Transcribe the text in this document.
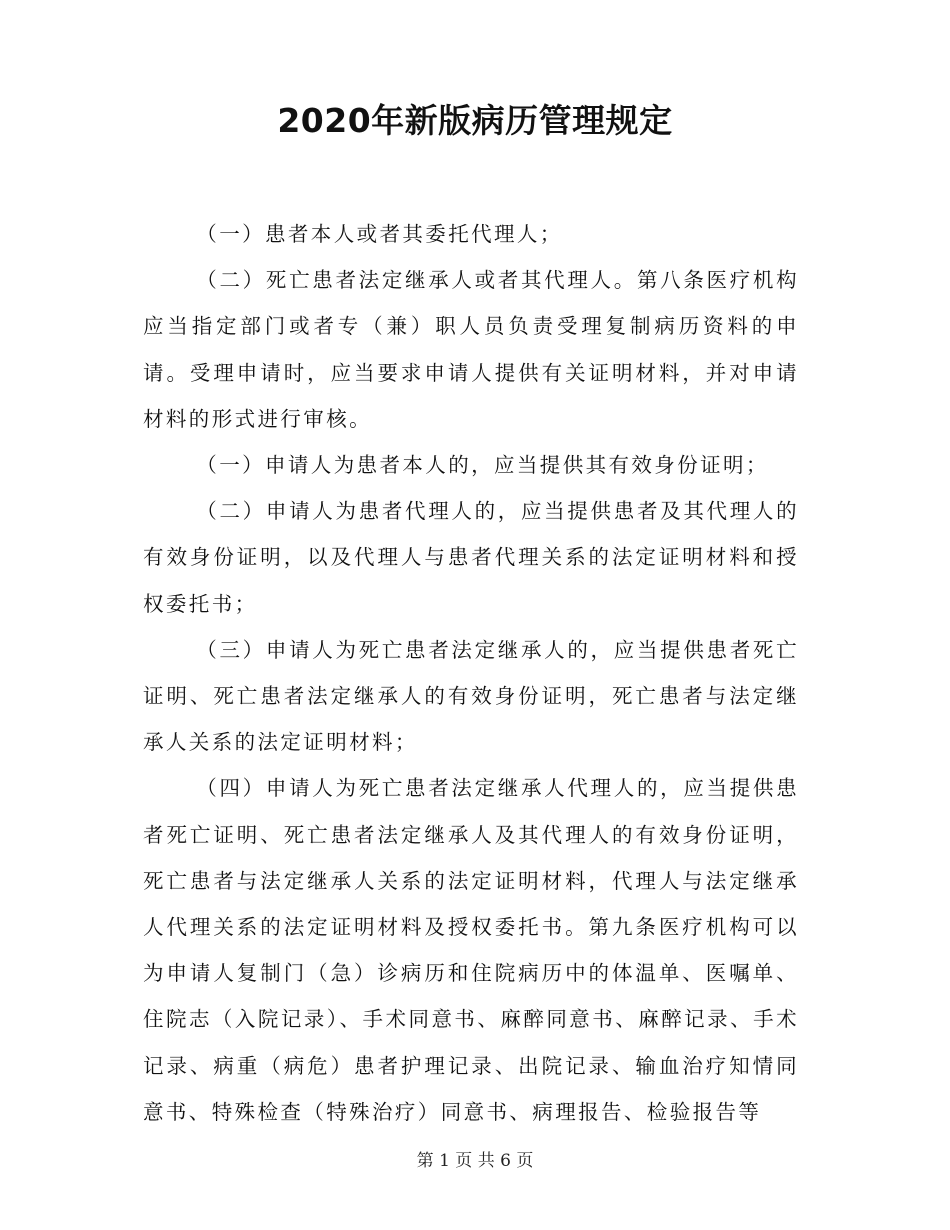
2020年新版病历管理规定

（一）患者本人或者其委托代理人；

（二）死亡患者法定继承人或者其代理人。第八条医疗机构应当指定部门或者专（兼）职人员负责受理复制病历资料的申请。受理申请时，应当要求申请人提供有关证明材料，并对申请材料的形式进行审核。

（一）申请人为患者本人的，应当提供其有效身份证明；

（二）申请人为患者代理人的，应当提供患者及其代理人的有效身份证明，以及代理人与患者代理关系的法定证明材料和授权委托书；

（三）申请人为死亡患者法定继承人的，应当提供患者死亡证明、死亡患者法定继承人的有效身份证明，死亡患者与法定继承人关系的法定证明材料；

（四）申请人为死亡患者法定继承人代理人的，应当提供患者死亡证明、死亡患者法定继承人及其代理人的有效身份证明，死亡患者与法定继承人关系的法定证明材料，代理人与法定继承人代理关系的法定证明材料及授权委托书。第九条医疗机构可以为申请人复制门（急）诊病历和住院病历中的体温单、医嘱单、住院志（入院记录）、手术同意书、麻醉同意书、麻醉记录、手术记录、病重（病危）患者护理记录、出院记录、输血治疗知情同意书、特殊检查（特殊治疗）同意书、病理报告、检验报告等

第 1 页 共 6 页
